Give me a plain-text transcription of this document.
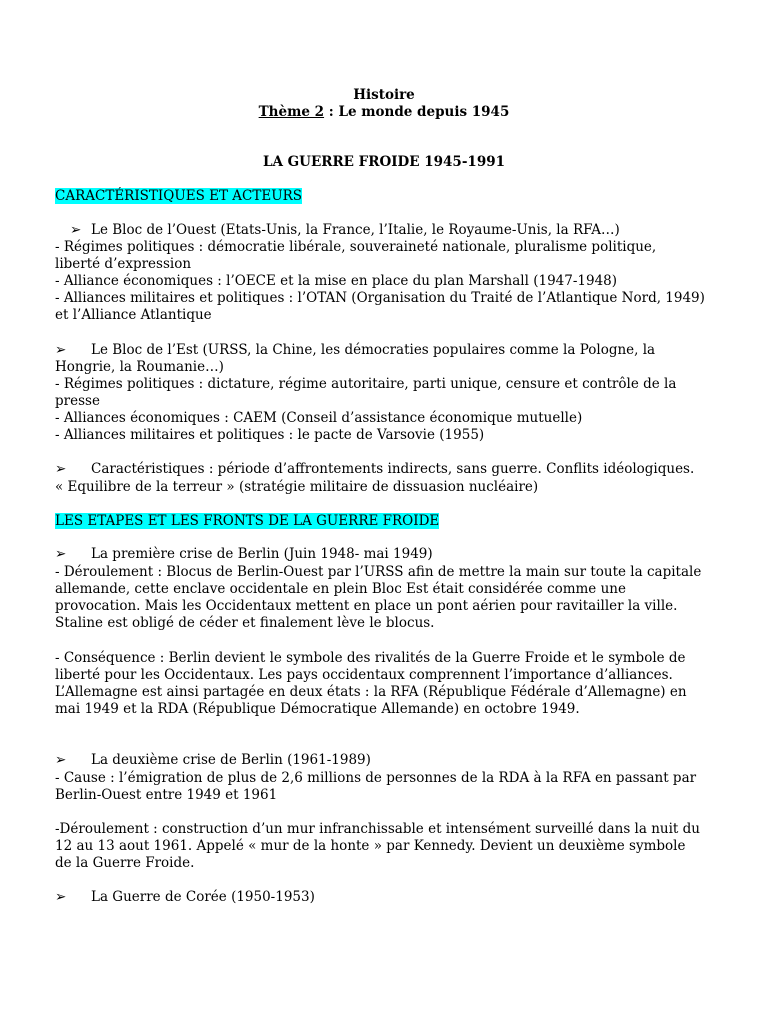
Histoire
Thème 2 : Le monde depuis 1945
LA GUERRE FROIDE 1945-1991
CARACTÉRISTIQUES ET ACTEURS
➢ Le Bloc de l’Ouest (Etats-Unis, la France, l’Italie, le Royaume-Unis, la RFA…)
- Régimes politiques : démocratie libérale, souveraineté nationale, pluralisme politique,
liberté d’expression
- Alliance économiques : l’OECE et la mise en place du plan Marshall (1947-1948)
- Alliances militaires et politiques : l’OTAN (Organisation du Traité de l’Atlantique Nord, 1949)
et l’Alliance Atlantique
➢ Le Bloc de l’Est (URSS, la Chine, les démocraties populaires comme la Pologne, la
Hongrie, la Roumanie…)
- Régimes politiques : dictature, régime autoritaire, parti unique, censure et contrôle de la
presse
- Alliances économiques : CAEM (Conseil d’assistance économique mutuelle)
- Alliances militaires et politiques : le pacte de Varsovie (1955)
➢ Caractéristiques : période d’affrontements indirects, sans guerre. Conflits idéologiques.
« Equilibre de la terreur » (stratégie militaire de dissuasion nucléaire)
LES ETAPES ET LES FRONTS DE LA GUERRE FROIDE
➢ La première crise de Berlin (Juin 1948- mai 1949)
- Déroulement : Blocus de Berlin-Ouest par l’URSS afin de mettre la main sur toute la capitale
allemande, cette enclave occidentale en plein Bloc Est était considérée comme une
provocation. Mais les Occidentaux mettent en place un pont aérien pour ravitailler la ville.
Staline est obligé de céder et finalement lève le blocus.
- Conséquence : Berlin devient le symbole des rivalités de la Guerre Froide et le symbole de
liberté pour les Occidentaux. Les pays occidentaux comprennent l’importance d’alliances.
L’Allemagne est ainsi partagée en deux états : la RFA (République Fédérale d’Allemagne) en
mai 1949 et la RDA (République Démocratique Allemande) en octobre 1949.
➢ La deuxième crise de Berlin (1961-1989)
- Cause : l’émigration de plus de 2,6 millions de personnes de la RDA à la RFA en passant par
Berlin-Ouest entre 1949 et 1961
-Déroulement : construction d’un mur infranchissable et intensément surveillé dans la nuit du
12 au 13 aout 1961. Appelé « mur de la honte » par Kennedy. Devient un deuxième symbole
de la Guerre Froide.
➢ La Guerre de Corée (1950-1953)
